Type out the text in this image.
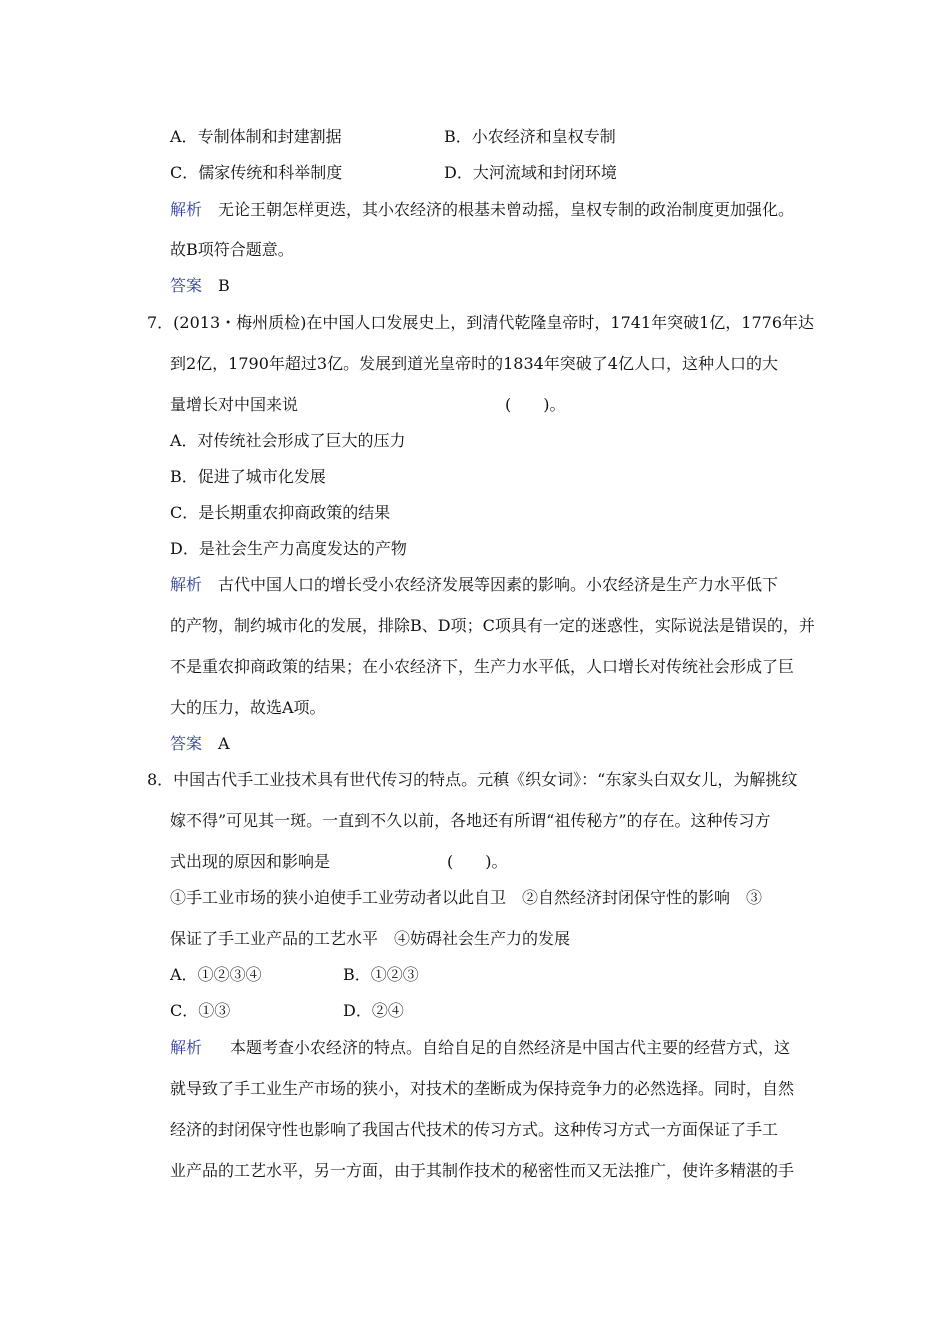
A．专制体制和封建割据	B．小农经济和皇权专制
C．儒家传统和科举制度	D．大河流域和封闭环境
解析 无论王朝怎样更迭，其小农经济的根基未曾动摇，皇权专制的政治制度更加强化。
故B项符合题意。
答案 B
7．(2013・梅州质检)在中国人口发展史上，到清代乾隆皇帝时，1741年突破1亿，1776年达
到2亿，1790年超过3亿。发展到道光皇帝时的1834年突破了4亿人口，这种人口的大
量增长对中国来说	(　　)。
A．对传统社会形成了巨大的压力
B．促进了城市化发展
C．是长期重农抑商政策的结果
D．是社会生产力高度发达的产物
解析 古代中国人口的增长受小农经济发展等因素的影响。小农经济是生产力水平低下
的产物，制约城市化的发展，排除B、D项；C项具有一定的迷惑性，实际说法是错误的，并
不是重农抑商政策的结果；在小农经济下，生产力水平低，人口增长对传统社会形成了巨
大的压力，故选A项。
答案 A
8．中国古代手工业技术具有世代传习的特点。元稹《织女词》：“东家头白双女儿，为解挑纹
嫁不得”可见其一斑。一直到不久以前，各地还有所谓“祖传秘方”的存在。这种传习方
式出现的原因和影响是	(　　)。
①手工业市场的狭小迫使手工业劳动者以此自卫　②自然经济封闭保守性的影响　③
保证了手工业产品的工艺水平　④妨碍社会生产力的发展
A．①②③④	B．①②③
C．①③	D．②④
解析 本题考查小农经济的特点。自给自足的自然经济是中国古代主要的经营方式，这
就导致了手工业生产市场的狭小，对技术的垄断成为保持竞争力的必然选择。同时，自然
经济的封闭保守性也影响了我国古代技术的传习方式。这种传习方式一方面保证了手工
业产品的工艺水平，另一方面，由于其制作技术的秘密性而又无法推广，使许多精湛的手
